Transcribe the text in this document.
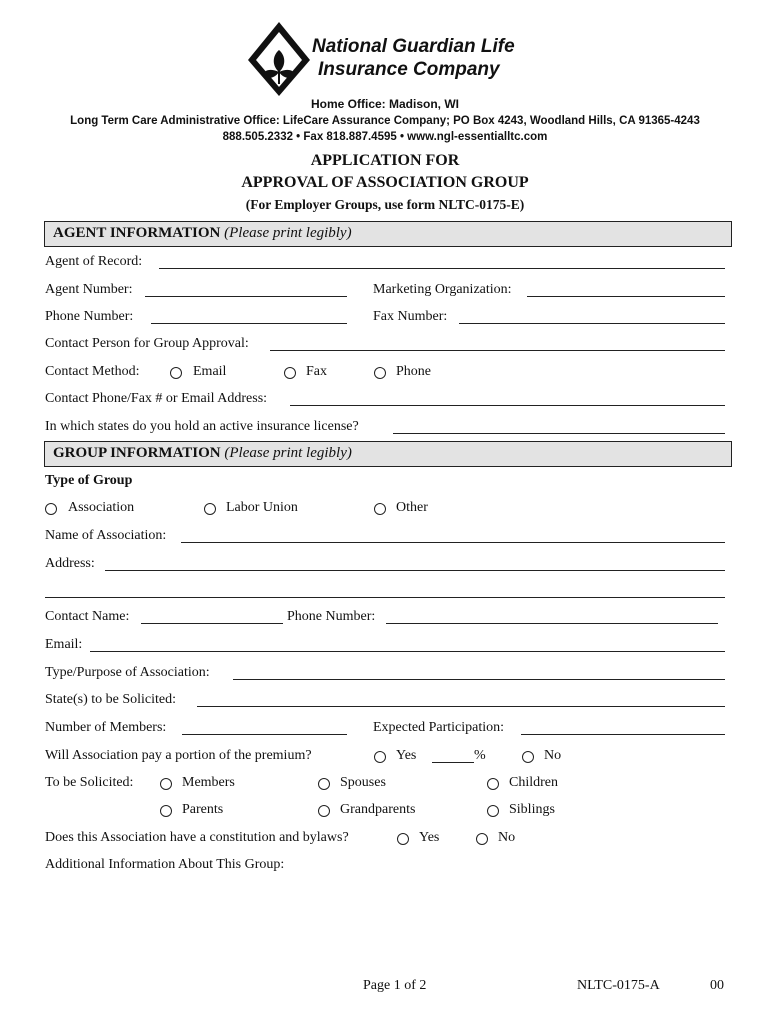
National Guardian Life
Insurance Company
Home Office: Madison, WI
Long Term Care Administrative Office: LifeCare Assurance Company; PO Box 4243, Woodland Hills, CA 91365-4243
888.505.2332 • Fax 818.887.4595 • www.ngl-essentialltc.com
APPLICATION FOR
APPROVAL OF ASSOCIATION GROUP
(For Employer Groups, use form NLTC-0175-E)
AGENT INFORMATION (Please print legibly)
Agent of Record:
Agent Number:	Marketing Organization:
Phone Number:	Fax Number:
Contact Person for Group Approval:
Contact Method:	Email	Fax	Phone
Contact Phone/Fax # or Email Address:
In which states do you hold an active insurance license?
GROUP INFORMATION (Please print legibly)
Type of Group
Association	Labor Union	Other
Name of Association:
Address:
Contact Name:	Phone Number:
Email:
Type/Purpose of Association:
State(s) to be Solicited:
Number of Members:	Expected Participation:
Will Association pay a portion of the premium?	Yes	%	No
To be Solicited:	Members	Spouses	Children
Parents	Grandparents	Siblings
Does this Association have a constitution and bylaws?	Yes	No
Additional Information About This Group:
Page 1 of 2	NLTC-0175-A	00
